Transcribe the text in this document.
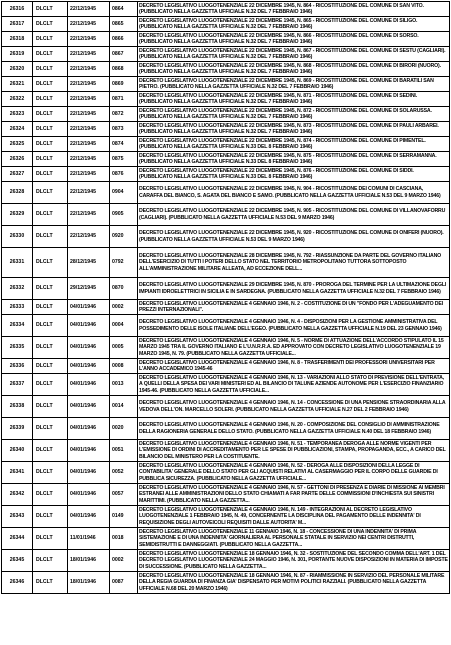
26316	DLCLT	22/12/1945	0864	DECRETO LEGISLATIVO LUOGOTENENZIALE 22 DICEMBRE 1945, N. 864 - RICOSTITUZIONE DEL COMUNE DI SAN VITO. (PUBBLICATO NELLA GAZZETTA UFFICIALE N.32 DEL 7 FEBBRAIO 1946)
26317	DLCLT	22/12/1945	0865	DECRETO LEGISLATIVO LUOGOTENENZIALE 22 DICEMBRE 1945, N. 865 - RICOSTITUZIONE DEL COMUNE DI SILIGO. (PUBBLICATO NELLA GAZZETTA UFFICIALE N.32 DEL 7 FEBBRAIO 1946)
26318	DLCLT	22/12/1945	0866	DECRETO LEGISLATIVO LUOGOTENENZIALE 22 DICEMBRE 1945, N. 866 - RICOSTITUZIONE DEL COMUNE DI SORSO. (PUBBLICATO NELLA GAZZETTA UFFICIALE N.32 DEL 7 FEBBRAIO 1946)
26319	DLCLT	22/12/1945	0867	DECRETO LEGISLATIVO LUOGOTENENZIALE 22 DICEMBRE 1945, N. 867 - RICOSTITUZIONE DEL COMUNE DI SESTU (CAGLIARI). (PUBBLICATO NELLA GAZZETTA UFFICIALE N.32 DEL 7 FEBBRAIO 1946)
26320	DLCLT	22/12/1945	0868	DECRETO LEGISLATIVO LUOGOTENENZIALE 22 DICEMBRE 1945, N. 868 - RICOSTITUZIONE DEL COMUNE DI BIRORI (NUORO). (PUBBLICATO NELLA GAZZETTA UFFICIALE N.32 DEL 7 FEBBRAIO 1946)
26321	DLCLT	22/12/1945	0869	DECRETO LEGISLATIVO LUOGOTENENZIALE 22 DICEMBRE 1945, N. 869 - RICOSTITUZIONE DEL COMUNE DI BARATILI SAN PIETRO. (PUBBLICATO NELLA GAZZETTA UFFICIALE N.32 DEL 7 FEBBRAIO 1946)
26322	DLCLT	22/12/1945	0871	DECRETO LEGISLATIVO LUOGOTENENZIALE 22 DICEMBRE 1945, N. 871 - RICOSTITUZIONE DEL COMUNE DI SEDINI. (PUBBLICATO NELLA GAZZETTA UFFICIALE N.32 DEL 7 FEBBRAIO 1946)
26323	DLCLT	22/12/1945	0872	DECRETO LEGISLATIVO LUOGOTENENZIALE 22 DICEMBRE 1945, N. 872 - RICOSTITUZIONE DEL COMUNE DI SOLARUSSA. (PUBBLICATO NELLA GAZZETTA UFFICIALE N.32 DEL 7 FEBBRAIO 1946)
26324	DLCLT	22/12/1945	0873	DECRETO LEGISLATIVO LUOGOTENENZIALE 22 DICEMBRE 1945, N. 873 - RICOSTITUZIONE DEL COMUNE DI PAULI ARBAREI. (PUBBLICATO NELLA GAZZETTA UFFICIALE N.32 DEL 7 FEBBRAIO 1946)
26325	DLCLT	22/12/1945	0874	DECRETO LEGISLATIVO LUOGOTENENZIALE 22 DICEMBRE 1945, N. 874 - RICOSTITUZIONE DEL COMUNE DI PIMENTEL. (PUBBLICATO NELLA GAZZETTA UFFICIALE N.33 DEL 8 FEBBRAIO 1946)
26326	DLCLT	22/12/1945	0875	DECRETO LEGISLATIVO LUOGOTENENZIALE 22 DICEMBRE 1945, N. 875 - RICOSTITUZIONE DEL COMUNE DI SERRAMANNA. (PUBBLICATO NELLA GAZZETTA UFFICIALE N.33 DEL 8 FEBBRAIO 1946)
26327	DLCLT	22/12/1945	0876	DECRETO LEGISLATIVO LUOGOTENENZIALE 22 DICEMBRE 1945, N. 876 - RICOSTITUZIONE DEL COMUNE DI SIDDI. (PUBBLICATO NELLA GAZZETTA UFFICIALE N.33 DEL 8 FEBBRAIO 1946)
26328	DLCLT	22/12/1945	0904	DECRETO LEGISLATIVO LUOGOTENENZIALE 22 DICEMBRE 1945, N. 904 - RICOSTITUZIONE DEI COMUNI DI CASCIANA, CARAFFA DEL BIANCO, S. AGATA DEL BIANCO E SAMO. (PUBBLICATO NELLA GAZZETTA UFFICIALE N.53 DEL 9 MARZO 1946)
26329	DLCLT	22/12/1945	0905	DECRETO LEGISLATIVO LUOGOTENENZIALE 22 DICEMBRE 1945, N. 905 - RICOSTITUZIONE DEL COMUNE DI VILLANOVAFORRU (CAGLIARI). (PUBBLICATO NELLA GAZZETTA UFFICIALE N.53 DEL 9 MARZO 1946)
26330	DLCLT	22/12/1945	0920	DECRETO LEGISLATIVO LUOGOTENENZIALE 22 DICEMBRE 1945, N. 920 - RICOSTITUZIONE DEL COMUNE DI ONIFERI (NUORO). (PUBBLICATO NELLA GAZZETTA UFFICIALE N.53 DEL 9 MARZO 1946)
26331	DLCLT	28/12/1945	0792	DECRETO LEGISLATIVO LUOGOTENENZIALE 28 DICEMBRE 1945, N. 792 - RIASSUNZIONE DA PARTE DEL GOVERNO ITALIANO DELL'ESERCIZIO DI TUTTI I POTERI DELLO STATO NEL TERRITORIO METROPOLITANO TUTTORA SOTTOPOSTO ALL'AMMINISTRAZIONE MILITARE ALLEATA, AD ECCEZIONE DELL...
26332	DLCLT	29/12/1945	0870	DECRETO LEGISLATIVO LUOGOTENENZIALE 29 DICEMBRE 1945, N. 870 - PROROGA DEL TERMINE PER LA ULTIMAZIONE DEGLI IMPIANTI IDROELETTRICI IN SICILIA E IN SARDEGNA. (PUBBLICATO NELLA GAZZETTA UFFICIALE N.32 DEL 7 FEBBRAIO 1946)
26333	DLCLT	04/01/1946	0002	DECRETO LEGISLATIVO LUOGOTENENZIALE 4 GENNAIO 1946, N. 2 - COSTITUZIONE DI UN "FONDO PER L'ADEGUAMENTO DEI PREZZI INTERNAZIONALI".
26334	DLCLT	04/01/1946	0004	DECRETO LEGISLATIVO LUOGOTENENZIALE 4 GENNAIO 1946, N. 4 - DISPOSIZIONI PER LA GESTIONE AMMINISTRATIVA DEL POSSEDIMENTO DELLE ISOLE ITALIANE DELL'EGEO. (PUBBLICATO NELLA GAZZETTA UFFICIALE N.19 DEL 23 GENNAIO 1946)
26335	DLCLT	04/01/1946	0005	DECRETO LEGISLATIVO LUOGOTENENZIALE 4 GENNAIO 1946, N. 5 - NORME DI ATTUAZIONE DELL'ACCORDO STIPULATO IL 15 MARZO 1945 TRA IL GOVERNO ITALIANO E L'U.N.R.R.A. ED APPROVATO CON DECRETO LEGISLATIVO LUOGOTENENZIALE 19 MARZO 1945, N. 79. (PUBBLICATO NELLA GAZZETTA UFFICIALE...
26336	DLCLT	04/01/1946	0008	DECRETO LEGISLATIVO LUOGOTENENZIALE 4 GENNAIO 1946, N. 8 - TRASFERIMENTI DEI PROFESSORI UNIVERSITARI PER L'ANNO ACCADEMICO 1945-46
26337	DLCLT	04/01/1946	0013	DECRETO LEGISLATIVO LUOGOTENENZIALE 4 GENNAIO 1946, N. 13 - VARIAZIONI ALLO STATO DI PREVISIONE DELL'ENTRATA, A QUELLI DELLA SPESA DEI VARI MINISTERI ED AL BILANCIO DI TALUNE AZIENDE AUTONOME PER L'ESERCIZIO FINANZIARIO 1945-46. (PUBBLICATO NELLA GAZZETTA UFFICIALE...
26338	DLCLT	04/01/1946	0014	DECRETO LEGISLATIVO LUOGOTENENZIALE 4 GENNAIO 1946, N. 14 - CONCESSIONE DI UNA PENSIONE STRAORDINARIA ALLA VEDOVA DELL'ON. MARCELLO SOLERI. (PUBBLICATO NELLA GAZZETTA UFFICIALE N.27 DEL 2 FEBBRAIO 1946)
26339	DLCLT	04/01/1946	0020	DECRETO LEGISLATIVO LUOGOTENENZIALE 4 GENNAIO 1946, N. 20 - COMPOSIZIONE DEL CONSIGLIO DI AMMINISTRAZIONE DELLA RAGIONERIA GENERALE DELLO STATO. (PUBBLICATO NELLA GAZZETTA UFFICIALE N.40 DEL 18 FEBBRAIO 1946)
26340	DLCLT	04/01/1946	0051	DECRETO LEGISLATIVO LUOGOTENENZIALE 4 GENNAIO 1946, N. 51 - TEMPORANEA DEROGA ALLE NORME VIGENTI PER L'EMISSIONE DI ORDINI DI ACCREDITAMENTO PER LE SPESE DI PUBBLICAZIONI, STAMPA, PROPAGANDA, ECC., A CARICO DEL BILANCIO DEL MINISTERO PER LA COSTITUENTE.
26341	DLCLT	04/01/1946	0052	DECRETO LEGISLATIVO LUOGOTENENZIALE 4 GENNAIO 1946, N. 52 - DEROGA ALLE DISPOSIZIONI DELLA LEGGE DI CONTABILITA' GENERALE DELLO STATO PER GLI ACQUISTI RELATIVI AL CASERMAGGIO PER IL CORPO DELLE GUARDIE DI PUBBLICA SICUREZZA. (PUBBLICATO NELLA GAZZETTA UFFICIALE...
26342	DLCLT	04/01/1946	0057	DECRETO LEGISLATIVO LUOGOTENENZIALE 4 GENNAIO 1946, N. 57 - GETTONI DI PRESENZA E DIARIE DI MISSIONE AI MEMBRI ESTRANEI ALLE AMMINISTRAZIONI DELLO STATO CHIAMATI A FAR PARTE DELLE COMMISSIONI D'INCHIESTA SUI SINISTRI MARITTIMI. (PUBBLICATO NELLA GAZZETTA...
26343	DLCLT	04/01/1946	0149	DECRETO LEGISLATIVO LUOGOTENENZIALE 4 GENNAIO 1946, N. 149 - INTEGRAZIONI AL DECRETO LEGISLATIVO LUOGOTENENZIALE 1 FEBBRAIO 1945, N. 49, CONCERNENTE LA DISCIPLINA DEL PAGAMENTO DELLE INDENNITA' DI REQUISIZIONE DEGLI AUTOVEICOLI REQUISITI DALLE AUTORITA' M...
26344	DLCLT	11/01/1946	0018	DECRETO LEGISLATIVO LUOGOTENENZIALE 11 GENNAIO 1946, N. 18 - CONCESSIONE DI UNA INDENNITA' DI PRIMA SISTEMAZIONE E DI UNA INDENNITA' GIORNALIERA AL PERSONALE STATALE IN SERVIZIO NEI CENTRI DISTRUTTI, SEMIDISTRUTTI E DANNEGGIATI. (PUBBLICATO NELLA GAZZETTA...
26345	DLCLT	18/01/1946	0002	DECRETO LEGISLATIVO LUOGOTENENZIALE 18 GENNAIO 1946, N. 32 - SOSTITUZIONE DEL SECONDO COMMA DELL'ART. 1 DEL DECRETO LEGISLATIVO LUOGOTENENZIALE 24 MAGGIO 1946, N. 301, PORTANTE NUOVE DISPOSIZIONI IN MATERIA DI IMPOSTE DI SUCCESSIONE. (PUBBLICATO NELLA GAZZETTA...
26346	DLCLT	18/01/1946	0087	DECRETO LEGISLATIVO LUOGOTENENZIALE 18 GENNAIO 1946, N. 87 - RIAMMISSIONE IN SERVIZIO DEL PERSONALE MILITARE DELLA REGIA GUARDIA DI FINANZA GIA' DISPENSATO PER MOTIVI POLITICI RAZZIALI. (PUBBLICATO NELLA GAZZETTA UFFICIALE N.68 DEL 20 MARZO 1946)
